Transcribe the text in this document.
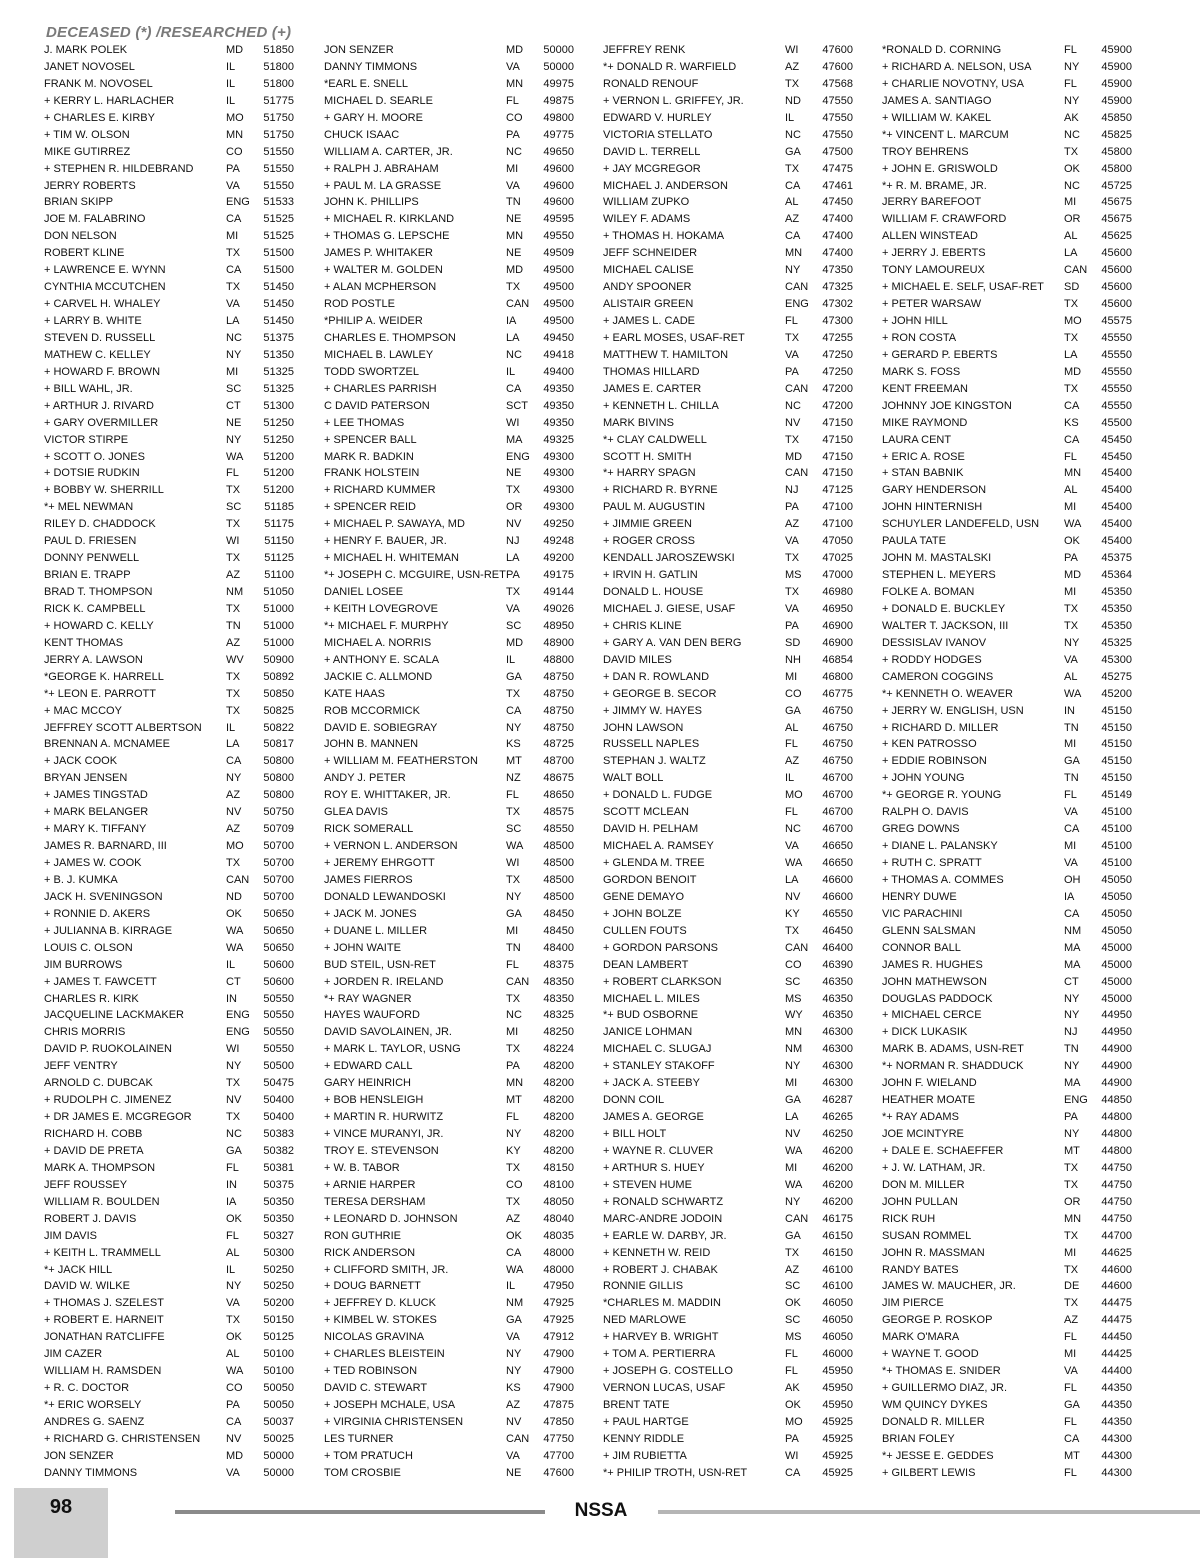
DECEASED (*) /RESEARCHED (+)
J. MARK POLEK	MD	51850
JANET NOVOSEL	IL	51800
FRANK M. NOVOSEL	IL	51800
+ KERRY L. HARLACHER	IL	51775
+ CHARLES E. KIRBY	MO	51750
+ TIM W. OLSON	MN	51750
MIKE GUTIRREZ	CO	51550
+ STEPHEN R. HILDEBRAND	PA	51550
JERRY ROBERTS	VA	51550
BRIAN SKIPP	ENG	51533
JOE M. FALABRINO	CA	51525
DON NELSON	MI	51525
ROBERT KLINE	TX	51500
+ LAWRENCE E. WYNN	CA	51500
CYNTHIA MCCUTCHEN	TX	51450
+ CARVEL H. WHALEY	VA	51450
+ LARRY B. WHITE	LA	51450
STEVEN D. RUSSELL	NC	51375
MATHEW C. KELLEY	NY	51350
+ HOWARD F. BROWN	MI	51325
+ BILL WAHL, JR.	SC	51325
+ ARTHUR J. RIVARD	CT	51300
+ GARY OVERMILLER	NE	51250
VICTOR STIRPE	NY	51250
+ SCOTT O. JONES	WA	51200
+ DOTSIE RUDKIN	FL	51200
+ BOBBY W. SHERRILL	TX	51200
*+ MEL NEWMAN	SC	51185
RILEY D. CHADDOCK	TX	51175
PAUL D. FRIESEN	WI	51150
DONNY PENWELL	TX	51125
BRIAN E. TRAPP	AZ	51100
BRAD T. THOMPSON	NM	51050
RICK K. CAMPBELL	TX	51000
+ HOWARD C. KELLY	TN	51000
KENT THOMAS	AZ	51000
JERRY A. LAWSON	WV	50900
*GEORGE K. HARRELL	TX	50892
*+ LEON E. PARROTT	TX	50850
+ MAC MCCOY	TX	50825
JEFFREY SCOTT ALBERTSON	IL	50822
BRENNAN A. MCNAMEE	LA	50817
+ JACK COOK	CA	50800
BRYAN JENSEN	NY	50800
+ JAMES TINGSTAD	AZ	50800
+ MARK BELANGER	NV	50750
+ MARY K. TIFFANY	AZ	50709
JAMES R. BARNARD, III	MO	50700
+ JAMES W. COOK	TX	50700
+ B. J. KUMKA	CAN	50700
JACK H. SVENINGSON	ND	50700
+ RONNIE D. AKERS	OK	50650
+ JULIANNA B. KIRRAGE	WA	50650
LOUIS C. OLSON	WA	50650
JIM BURROWS	IL	50600
+ JAMES T. FAWCETT	CT	50600
CHARLES R. KIRK	IN	50550
JACQUELINE LACKMAKER	ENG	50550
CHRIS MORRIS	ENG	50550
DAVID P. RUOKOLAINEN	WI	50550
JEFF VENTRY	NY	50500
ARNOLD C. DUBCAK	TX	50475
+ RUDOLPH C. JIMENEZ	NV	50400
+ DR JAMES E. MCGREGOR	TX	50400
RICHARD H. COBB	NC	50383
+ DAVID DE PRETA	GA	50382
MARK A. THOMPSON	FL	50381
JEFF ROUSSEY	IN	50375
WILLIAM R. BOULDEN	IA	50350
ROBERT J. DAVIS	OK	50350
JIM DAVIS	FL	50327
+ KEITH L. TRAMMELL	AL	50300
*+ JACK HILL	IL	50250
DAVID W. WILKE	NY	50250
+ THOMAS J. SZELEST	VA	50200
+ ROBERT E. HARNEIT	TX	50150
JONATHAN RATCLIFFE	OK	50125
JIM CAZER	AL	50100
WILLIAM H. RAMSDEN	WA	50100
+ R. C. DOCTOR	CO	50050
*+ ERIC WORSELY	PA	50050
ANDRES G. SAENZ	CA	50037
+ RICHARD G. CHRISTENSEN	NV	50025
JON SENZER	MD	50000
DANNY TIMMONS	VA	50000
JON SENZER	MD	50000
DANNY TIMMONS	VA	50000
*EARL E. SNELL	MN	49975
MICHAEL D. SEARLE	FL	49875
+ GARY H. MOORE	CO	49800
CHUCK ISAAC	PA	49775
WILLIAM A. CARTER, JR.	NC	49650
+ RALPH J. ABRAHAM	MI	49600
+ PAUL M. LA GRASSE	VA	49600
JOHN K. PHILLIPS	TN	49600
+ MICHAEL R. KIRKLAND	NE	49595
+ THOMAS G. LEPSCHE	MN	49550
JAMES P. WHITAKER	NE	49509
+ WALTER M. GOLDEN	MD	49500
+ ALAN MCPHERSON	TX	49500
ROD POSTLE	CAN	49500
*PHILIP A. WEIDER	IA	49500
CHARLES E. THOMPSON	LA	49450
MICHAEL B. LAWLEY	NC	49418
TODD SWORTZEL	IL	49400
+ CHARLES PARRISH	CA	49350
C DAVID PATERSON	SCT	49350
+ LEE THOMAS	WI	49350
+ SPENCER BALL	MA	49325
MARK R. BADKIN	ENG	49300
FRANK HOLSTEIN	NE	49300
+ RICHARD KUMMER	TX	49300
+ SPENCER REID	OR	49300
+ MICHAEL P. SAWAYA, MD	NV	49250
+ HENRY F. BAUER, JR.	NJ	49248
+ MICHAEL H. WHITEMAN	LA	49200
*+ JOSEPH C. MCGUIRE, USN-RET PA	49175
DANIEL LOSEE	TX	49144
+ KEITH LOVEGROVE	VA	49026
*+ MICHAEL F. MURPHY	SC	48950
MICHAEL A. NORRIS	MD	48900
+ ANTHONY E. SCALA	IL	48800
JACKIE C. ALLMOND	GA	48750
KATE HAAS	TX	48750
ROB MCCORMICK	CA	48750
DAVID E. SOBIEGRAY	NY	48750
JOHN B. MANNEN	KS	48725
+ WILLIAM M. FEATHERSTON	MT	48700
ANDY J. PETER	NZ	48675
ROY E. WHITTAKER, JR.	FL	48650
GLEA DAVIS	TX	48575
RICK SOMERALL	SC	48550
+ VERNON L. ANDERSON	WA	48500
+ JEREMY EHRGOTT	WI	48500
JAMES FIERROS	TX	48500
DONALD LEWANDOSKI	NY	48500
+ JACK M. JONES	GA	48450
+ DUANE L. MILLER	MI	48450
+ JOHN WAITE	TN	48400
BUD STEIL, USN-RET	FL	48375
+ JORDEN R. IRELAND	CAN	48350
*+ RAY WAGNER	TX	48350
HAYES WAUFORD	NC	48325
DAVID SAVOLAINEN, JR.	MI	48250
+ MARK L. TAYLOR, USNG	TX	48224
+ EDWARD CALL	PA	48200
GARY HEINRICH	MN	48200
+ BOB HENSLEIGH	MT	48200
+ MARTIN R. HURWITZ	FL	48200
+ VINCE MURANYI, JR.	NY	48200
TROY E. STEVENSON	KY	48200
+ W. B. TABOR	TX	48150
+ ARNIE HARPER	CO	48100
TERESA DERSHAM	TX	48050
+ LEONARD D. JOHNSON	AZ	48040
RON GUTHRIE	OK	48035
RICK ANDERSON	CA	48000
+ CLIFFORD SMITH, JR.	WA	48000
+ DOUG BARNETT	IL	47950
+ JEFFREY D. KLUCK	NM	47925
+ KIMBEL W. STOKES	GA	47925
NICOLAS GRAVINA	VA	47912
+ CHARLES BLEISTEIN	NY	47900
+ TED ROBINSON	NY	47900
DAVID C. STEWART	KS	47900
+ JOSEPH MCHALE, USA	AZ	47875
+ VIRGINIA CHRISTENSEN	NV	47850
LES TURNER	CAN	47750
+ TOM PRATUCH	VA	47700
TOM CROSBIE	NE	47600
JEFFREY RENK	WI	47600
*+ DONALD R. WARFIELD	AZ	47600
RONALD RENOUF	TX	47568
+ VERNON L. GRIFFEY, JR.	ND	47550
EDWARD V. HURLEY	IL	47550
VICTORIA STELLATO	NC	47550
DAVID L. TERRELL	GA	47500
+ JAY MCGREGOR	TX	47475
MICHAEL J. ANDERSON	CA	47461
WILLIAM ZUPKO	AL	47450
WILEY F. ADAMS	AZ	47400
+ THOMAS H. HOKAMA	CA	47400
JEFF SCHNEIDER	MN	47400
MICHAEL CALISE	NY	47350
ANDY SPOONER	CAN	47325
ALISTAIR GREEN	ENG	47302
+ JAMES L. CADE	FL	47300
+ EARL MOSES, USAF-RET	TX	47255
MATTHEW T. HAMILTON	VA	47250
THOMAS HILLARD	PA	47250
JAMES E. CARTER	CAN	47200
+ KENNETH L. CHILLA	NC	47200
MARK BIVINS	NV	47150
*+ CLAY CALDWELL	TX	47150
SCOTT H. SMITH	MD	47150
*+ HARRY SPAGN	CAN	47150
+ RICHARD R. BYRNE	NJ	47125
PAUL M. AUGUSTIN	PA	47100
+ JIMMIE GREEN	AZ	47100
+ ROGER CROSS	VA	47050
KENDALL JAROSZEWSKI	TX	47025
+ IRVIN H. GATLIN	MS	47000
DONALD L. HOUSE	TX	46980
MICHAEL J. GIESE, USAF	VA	46950
+ CHRIS KLINE	PA	46900
+ GARY A. VAN DEN BERG	SD	46900
DAVID MILES	NH	46854
+ DAN R. ROWLAND	MI	46800
+ GEORGE B. SECOR	CO	46775
+ JIMMY W. HAYES	GA	46750
JOHN LAWSON	AL	46750
RUSSELL NAPLES	FL	46750
STEPHAN J. WALTZ	AZ	46750
WALT BOLL	IL	46700
+ DONALD L. FUDGE	MO	46700
SCOTT MCLEAN	FL	46700
DAVID H. PELHAM	NC	46700
MICHAEL A. RAMSEY	VA	46650
+ GLENDA M. TREE	WA	46650
GORDON BENOIT	LA	46600
GENE DEMAYO	NV	46600
+ JOHN BOLZE	KY	46550
CULLEN FOUTS	TX	46450
+ GORDON PARSONS	CAN	46400
DEAN LAMBERT	CO	46390
+ ROBERT CLARKSON	SC	46350
MICHAEL L. MILES	MS	46350
*+ BUD OSBORNE	WY	46350
JANICE LOHMAN	MN	46300
MICHAEL C. SLUGAJ	NM	46300
+ STANLEY STAKOFF	NY	46300
+ JACK A. STEEBY	MI	46300
DONN COIL	GA	46287
JAMES A. GEORGE	LA	46265
+ BILL HOLT	NV	46250
+ WAYNE R. CLUVER	WA	46200
+ ARTHUR S. HUEY	MI	46200
+ STEVEN HUME	WA	46200
+ RONALD SCHWARTZ	NY	46200
MARC-ANDRE JODOIN	CAN	46175
+ EARLE W. DARBY, JR.	GA	46150
+ KENNETH W. REID	TX	46150
+ ROBERT J. CHABAK	AZ	46100
RONNIE GILLIS	SC	46100
*CHARLES M. MADDIN	OK	46050
NED MARLOWE	SC	46050
+ HARVEY B. WRIGHT	MS	46050
+ TOM A. PERTIERRA	FL	46000
+ JOSEPH G. COSTELLO	FL	45950
VERNON LUCAS, USAF	AK	45950
BRENT TATE	OK	45950
+ PAUL HARTGE	MO	45925
KENNY RIDDLE	PA	45925
+ JIM RUBIETTA	WI	45925
*+ PHILIP TROTH, USN-RET	CA	45925
*RONALD D. CORNING	FL	45900
+ RICHARD A. NELSON, USA	NY	45900
+ CHARLIE NOVOTNY, USA	FL	45900
JAMES A. SANTIAGO	NY	45900
+ WILLIAM W. KAKEL	AK	45850
*+ VINCENT L. MARCUM	NC	45825
TROY BEHRENS	TX	45800
+ JOHN E. GRISWOLD	OK	45800
*+ R. M. BRAME, JR.	NC	45725
JERRY BAREFOOT	MI	45675
WILLIAM F. CRAWFORD	OR	45675
ALLEN WINSTEAD	AL	45625
+ JERRY J. EBERTS	LA	45600
TONY LAMOUREUX	CAN	45600
+ MICHAEL E. SELF, USAF-RET	SD	45600
+ PETER WARSAW	TX	45600
+ JOHN HILL	MO	45575
+ RON COSTA	TX	45550
+ GERARD P. EBERTS	LA	45550
MARK S. FOSS	MD	45550
KENT FREEMAN	TX	45550
JOHNNY JOE KINGSTON	CA	45550
MIKE RAYMOND	KS	45500
LAURA CENT	CA	45450
+ ERIC A. ROSE	FL	45450
+ STAN BABNIK	MN	45400
GARY HENDERSON	AL	45400
JOHN HINTERNISH	MI	45400
SCHUYLER LANDEFELD, USN	WA	45400
PAULA TATE	OK	45400
JOHN M. MASTALSKI	PA	45375
STEPHEN L. MEYERS	MD	45364
FOLKE A. BOMAN	MI	45350
+ DONALD E. BUCKLEY	TX	45350
WALTER T. JACKSON, III	TX	45350
DESSISLAV IVANOV	NY	45325
+ RODDY HODGES	VA	45300
CAMERON COGGINS	AL	45275
*+ KENNETH O. WEAVER	WA	45200
+ JERRY W. ENGLISH, USN	IN	45150
+ RICHARD D. MILLER	TN	45150
+ KEN PATROSSO	MI	45150
+ EDDIE ROBINSON	GA	45150
+ JOHN YOUNG	TN	45150
*+ GEORGE R. YOUNG	FL	45149
RALPH O. DAVIS	VA	45100
GREG DOWNS	CA	45100
+ DIANE L. PALANSKY	MI	45100
+ RUTH C. SPRATT	VA	45100
+ THOMAS A. COMMES	OH	45050
HENRY DUWE	IA	45050
VIC PARACHINI	CA	45050
GLENN SALSMAN	NM	45050
CONNOR BALL	MA	45000
JAMES R. HUGHES	MA	45000
JOHN MATHEWSON	CT	45000
DOUGLAS PADDOCK	NY	45000
+ MICHAEL CERCE	NY	44950
+ DICK LUKASIK	NJ	44950
MARK B. ADAMS, USN-RET	TN	44900
*+ NORMAN R. SHADDUCK	NY	44900
JOHN F. WIELAND	MA	44900
HEATHER MOATE	ENG	44850
*+ RAY ADAMS	PA	44800
JOE MCINTYRE	NY	44800
+ DALE E. SCHAEFFER	MT	44800
+ J. W. LATHAM, JR.	TX	44750
DON M. MILLER	TX	44750
JOHN PULLAN	OR	44750
RICK RUH	MN	44750
SUSAN ROMMEL	TX	44700
JOHN R. MASSMAN	MI	44625
RANDY BATES	TX	44600
JAMES W. MAUCHER, JR.	DE	44600
JIM PIERCE	TX	44475
GEORGE P. ROSKOP	AZ	44475
MARK O'MARA	FL	44450
+ WAYNE T. GOOD	MI	44425
*+ THOMAS E. SNIDER	VA	44400
+ GUILLERMO DIAZ, JR.	FL	44350
WM QUINCY DYKES	GA	44350
DONALD R. MILLER	FL	44350
BRIAN FOLEY	CA	44300
*+ JESSE E. GEDDES	MT	44300
+ GILBERT LEWIS	FL	44300
98	NSSA
